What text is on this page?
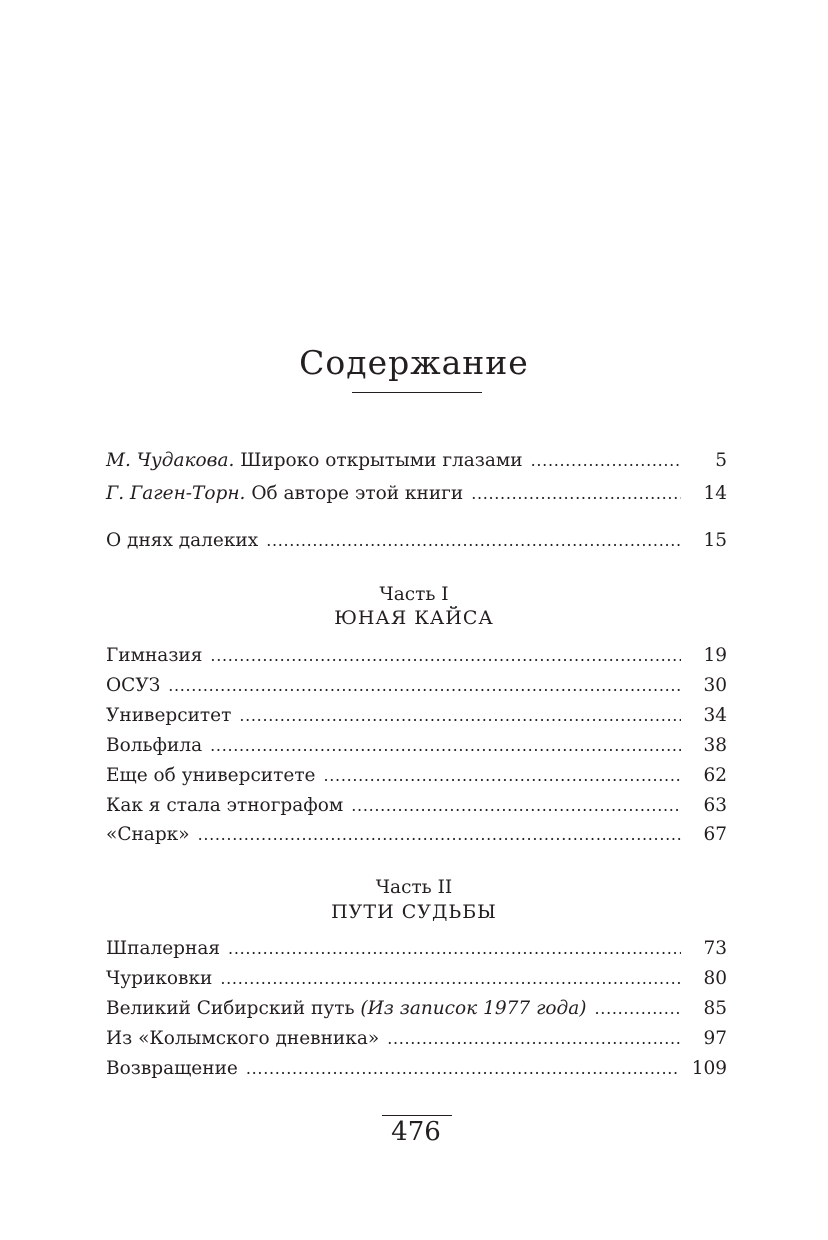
Содержание
М. Чудакова. Широко открытыми глазами . . .	5
Г. Гаген-Торн. Об авторе этой книги . . .	14
О днях далеких . . .	15
Часть I
ЮНАЯ КАЙСА
Гимназия . . .	19
ОСУЗ . . .	30
Университет . . .	34
Вольфила . . .	38
Еще об университете . . .	62
Как я стала этнографом . . .	63
«Снарк» . . .	67
Часть II
ПУТИ СУДЬБЫ
Шпалерная . . .	73
Чуриковки . . .	80
Великий Сибирский путь (Из записок 1977 года) . . .	85
Из «Колымского дневника» . . .	97
Возвращение . . .	109
476
